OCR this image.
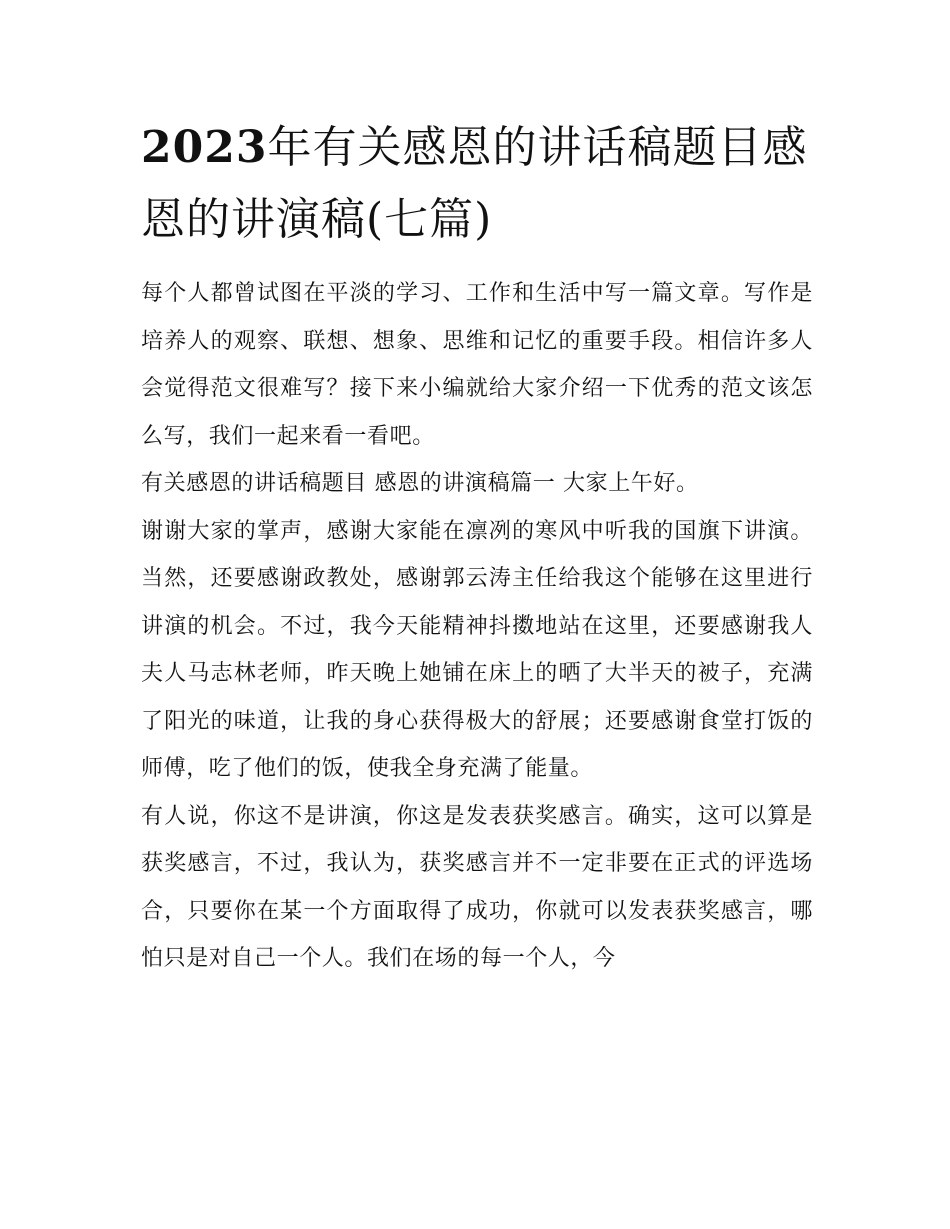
2023年有关感恩的讲话稿题目感恩的讲演稿(七篇)

每个人都曾试图在平淡的学习、工作和生活中写一篇文章。写作是培养人的观察、联想、想象、思维和记忆的重要手段。相信许多人会觉得范文很难写？接下来小编就给大家介绍一下优秀的范文该怎么写，我们一起来看一看吧。

有关感恩的讲话稿题目 感恩的讲演稿篇一 大家上午好。

谢谢大家的掌声，感谢大家能在凛冽的寒风中听我的国旗下讲演。当然，还要感谢政教处，感谢郭云涛主任给我这个能够在这里进行讲演的机会。不过，我今天能精神抖擞地站在这里，还要感谢我人夫人马志林老师，昨天晚上她铺在床上的晒了大半天的被子，充满了阳光的味道，让我的身心获得极大的舒展；还要感谢食堂打饭的师傅，吃了他们的饭，使我全身充满了能量。

有人说，你这不是讲演，你这是发表获奖感言。确实，这可以算是获奖感言，不过，我认为，获奖感言并不一定非要在正式的评选场合，只要你在某一个方面取得了成功，你就可以发表获奖感言，哪怕只是对自己一个人。我们在场的每一个人，今
